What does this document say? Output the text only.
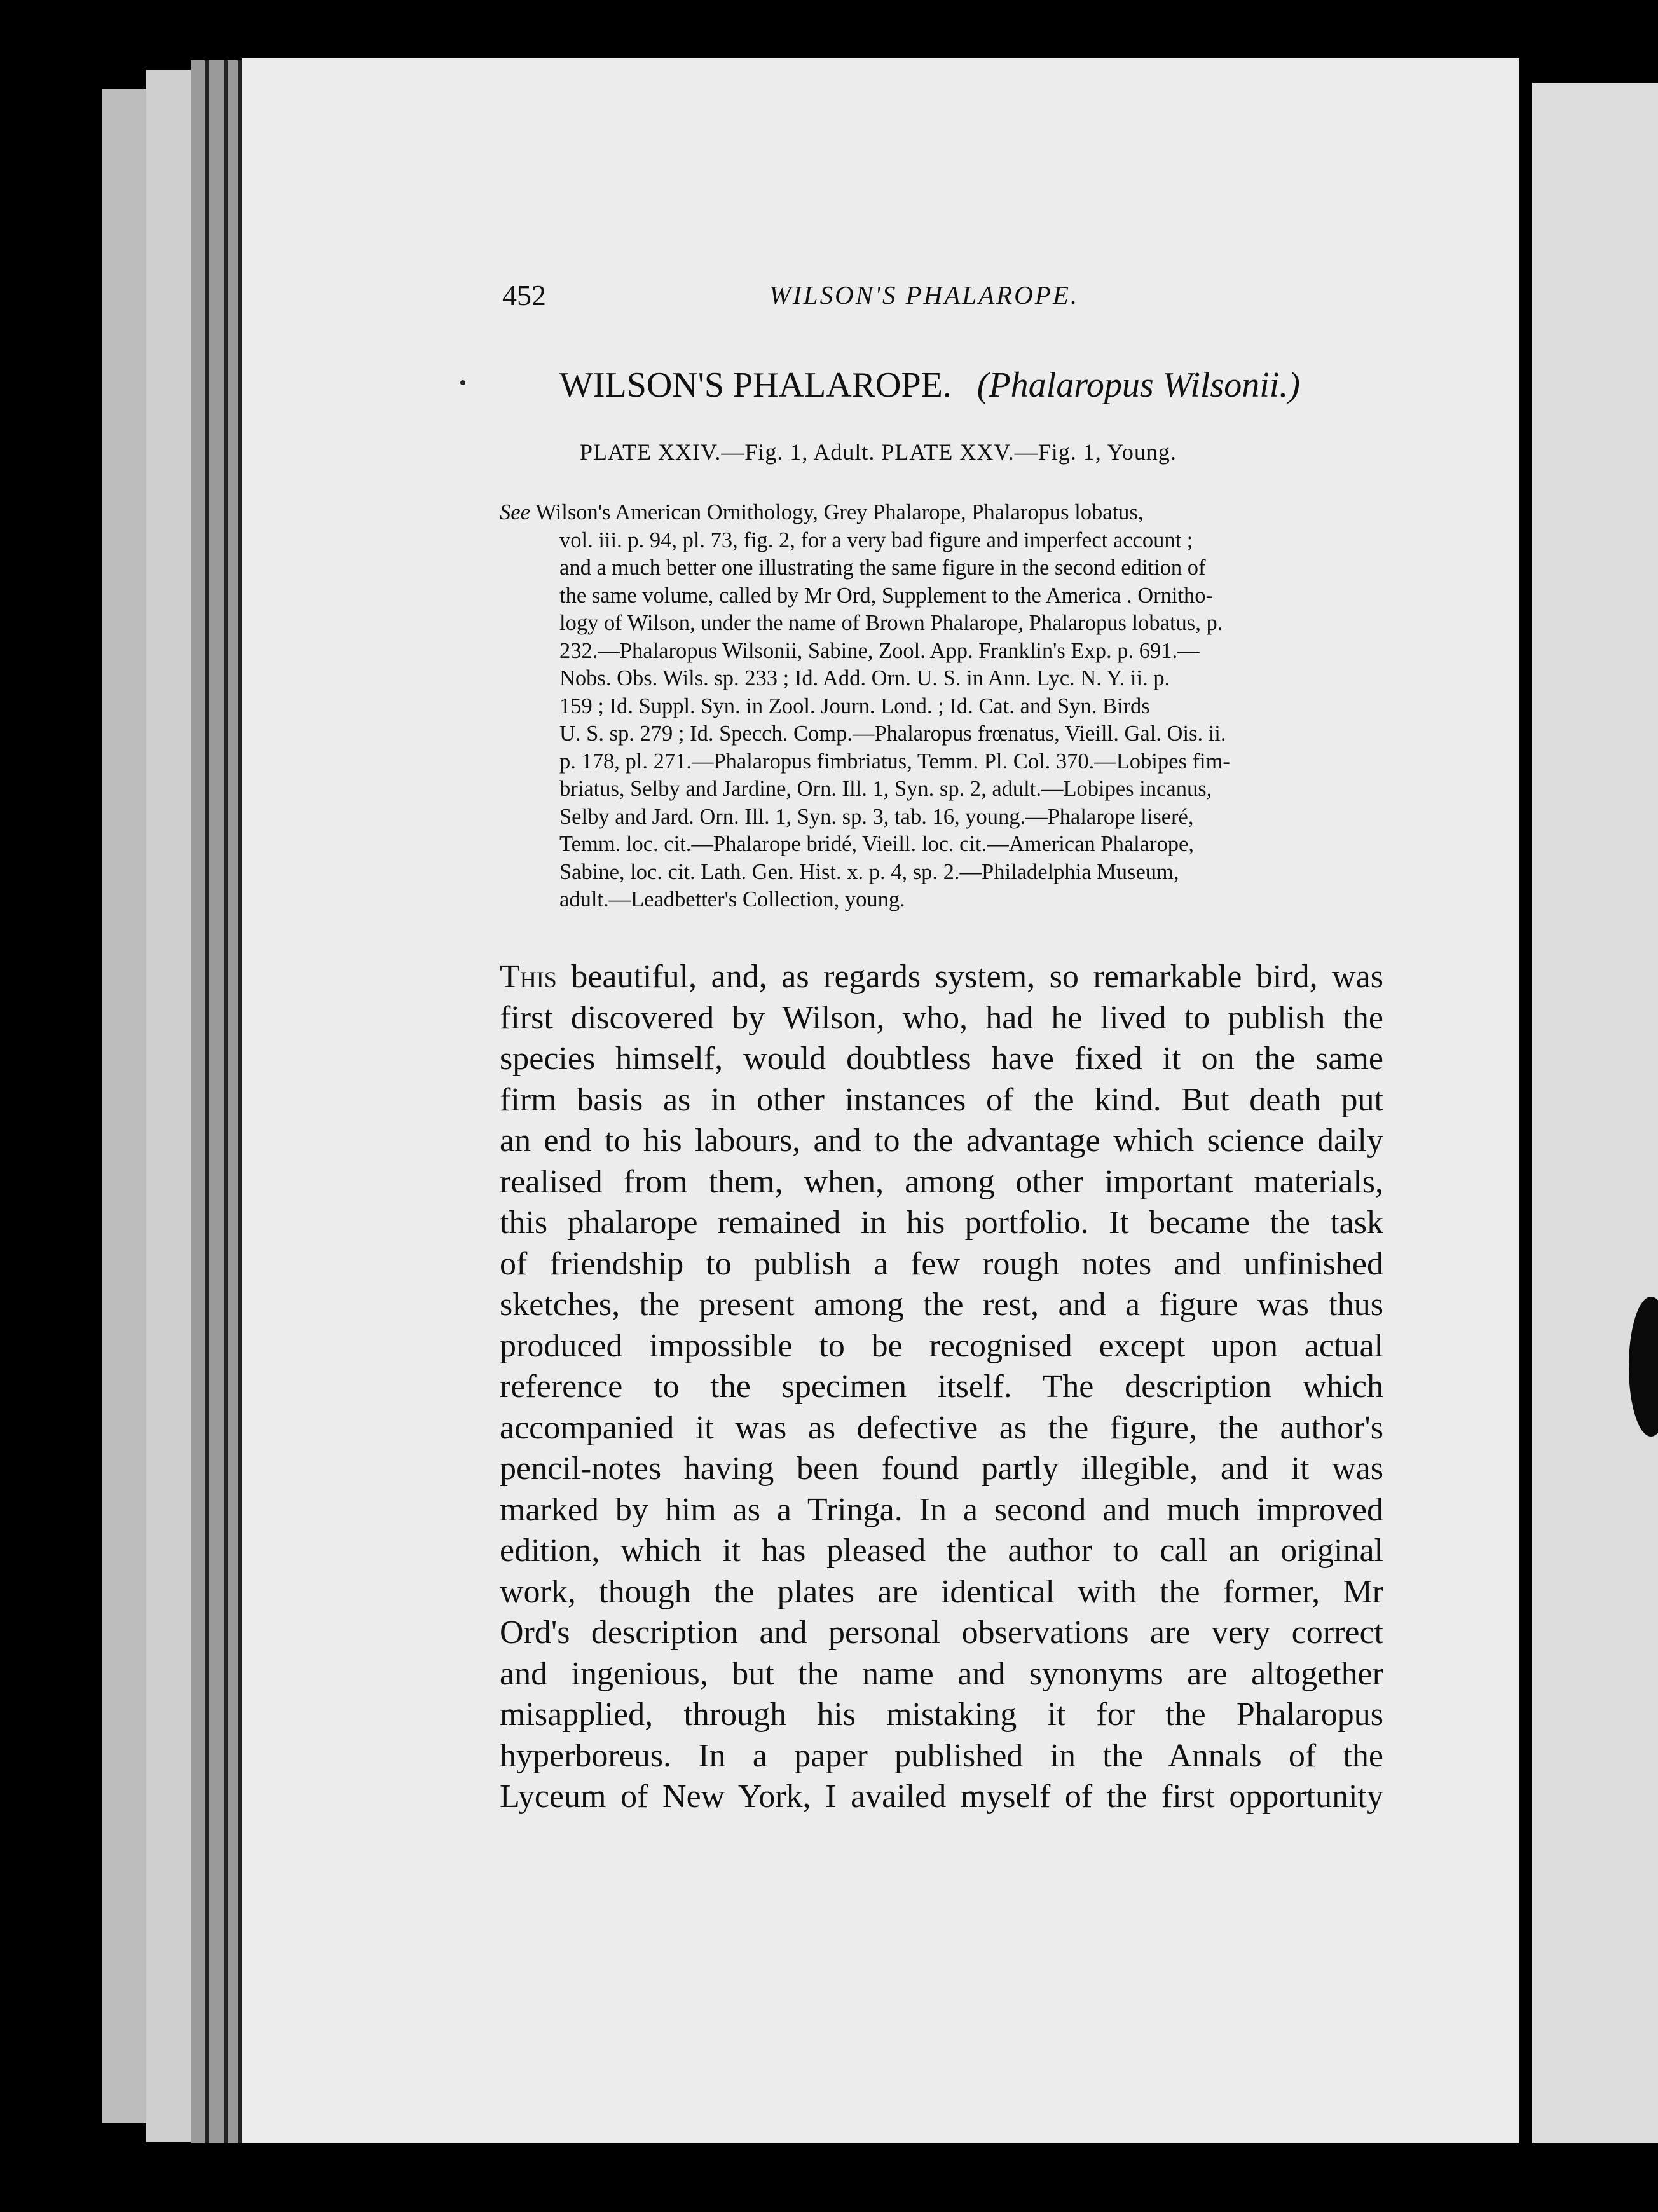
452	WILSON'S PHALAROPE.
WILSON'S PHALAROPE. (Phalaropus Wilsonii.)
PLATE XXIV.—Fig. 1, Adult. PLATE XXV.—Fig. 1, Young.
See Wilson's American Ornithology, Grey Phalarope, Phalaropus lobatus,
vol. iii. p. 94, pl. 73, fig. 2, for a very bad figure and imperfect account ;
and a much better one illustrating the same figure in the second edition of
the same volume, called by Mr Ord, Supplement to the America . Ornitho-
logy of Wilson, under the name of Brown Phalarope, Phalaropus lobatus, p.
232.—Phalaropus Wilsonii, Sabine, Zool. App. Franklin's Exp. p. 691.—
Nobs. Obs. Wils. sp. 233 ; Id. Add. Orn. U. S. in Ann. Lyc. N. Y. ii. p.
159 ; Id. Suppl. Syn. in Zool. Journ. Lond. ; Id. Cat. and Syn. Birds
U. S. sp. 279 ; Id. Specch. Comp.—Phalaropus frœnatus, Vieill. Gal. Ois. ii.
p. 178, pl. 271.—Phalaropus fimbriatus, Temm. Pl. Col. 370.—Lobipes fim-
briatus, Selby and Jardine, Orn. Ill. 1, Syn. sp. 2, adult.—Lobipes incanus,
Selby and Jard. Orn. Ill. 1, Syn. sp. 3, tab. 16, young.—Phalarope liseré,
Temm. loc. cit.—Phalarope bridé, Vieill. loc. cit.—American Phalarope,
Sabine, loc. cit. Lath. Gen. Hist. x. p. 4, sp. 2.—Philadelphia Museum,
adult.—Leadbetter's Collection, young.
This beautiful, and, as regards system, so remarkable bird, was
first discovered by Wilson, who, had he lived to publish the
species himself, would doubtless have fixed it on the same
firm basis as in other instances of the kind. But death put
an end to his labours, and to the advantage which science daily
realised from them, when, among other important materials,
this phalarope remained in his portfolio. It became the task
of friendship to publish a few rough notes and unfinished
sketches, the present among the rest, and a figure was thus
produced impossible to be recognised except upon actual
reference to the specimen itself. The description which
accompanied it was as defective as the figure, the author's
pencil-notes having been found partly illegible, and it was
marked by him as a Tringa. In a second and much improved
edition, which it has pleased the author to call an original
work, though the plates are identical with the former, Mr
Ord's description and personal observations are very correct
and ingenious, but the name and synonyms are altogether
misapplied, through his mistaking it for the Phalaropus
hyperboreus. In a paper published in the Annals of the
Lyceum of New York, I availed myself of the first opportunity
